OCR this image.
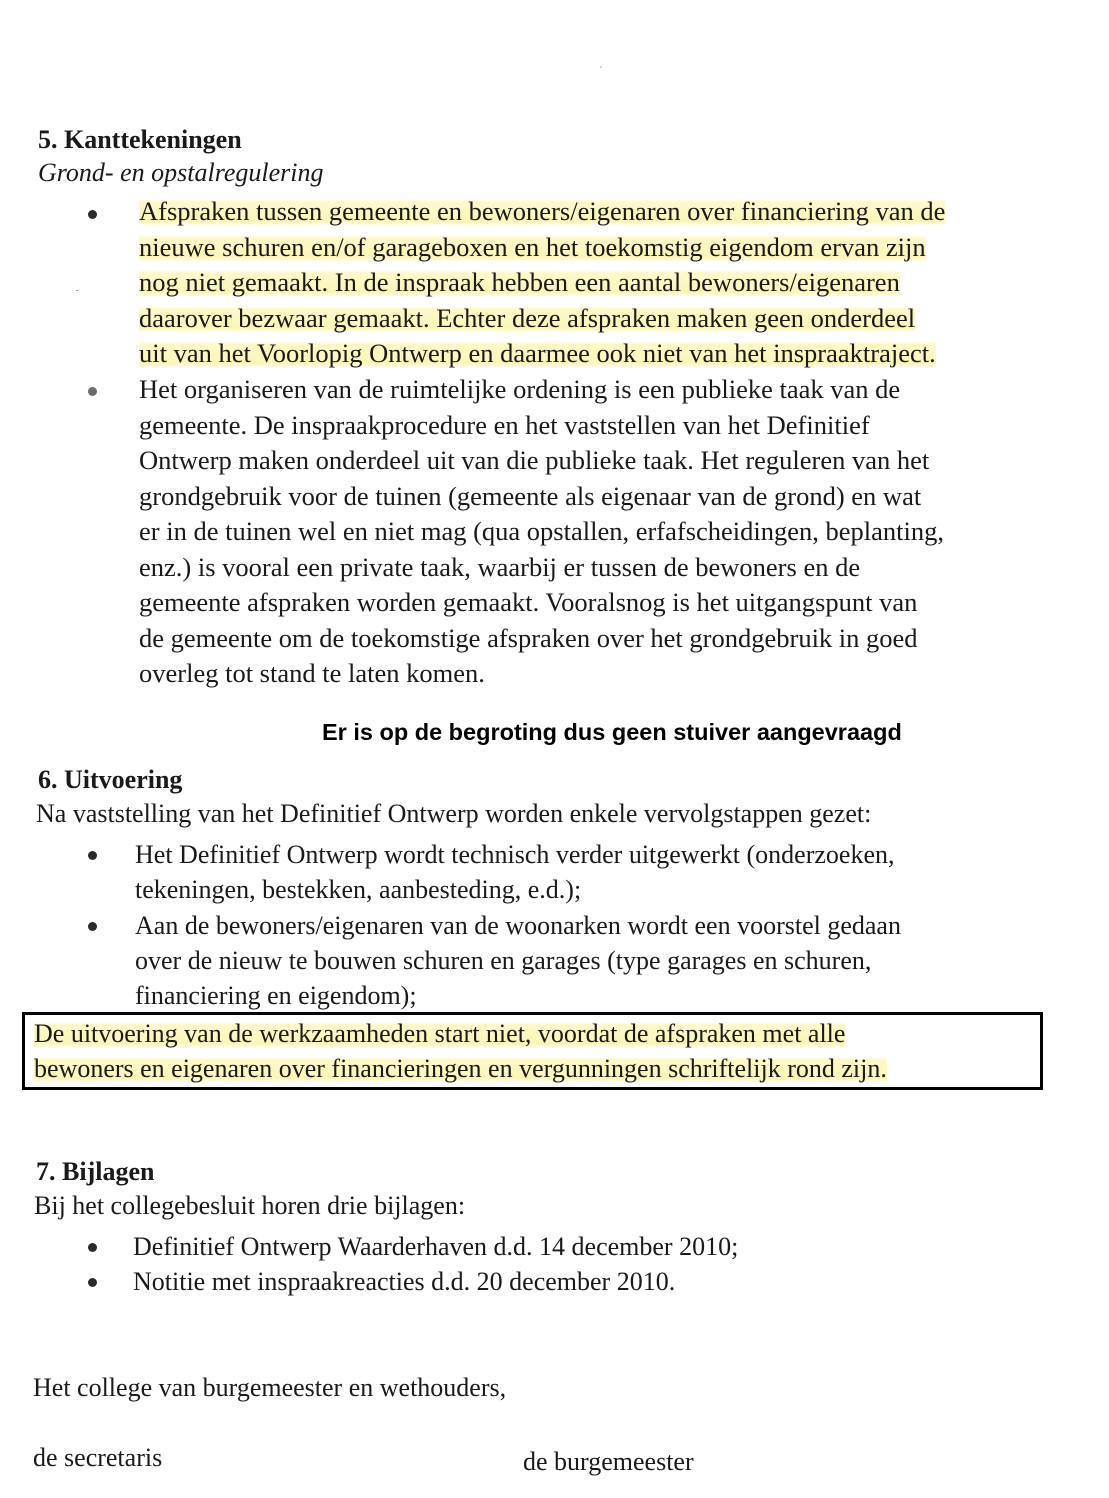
5. Kanttekeningen

Grond- en opstalregulering

Afspraken tussen gemeente en bewoners/eigenaren over financiering van de
nieuwe schuren en/of garageboxen en het toekomstig eigendom ervan zijn
nog niet gemaakt. In de inspraak hebben een aantal bewoners/eigenaren
daarover bezwaar gemaakt. Echter deze afspraken maken geen onderdeel
uit van het Voorlopig Ontwerp en daarmee ook niet van het inspraaktraject.
Het organiseren van de ruimtelijke ordening is een publieke taak van de
gemeente. De inspraakprocedure en het vaststellen van het Definitief
Ontwerp maken onderdeel uit van die publieke taak. Het reguleren van het
grondgebruik voor de tuinen (gemeente als eigenaar van de grond) en wat
er in de tuinen wel en niet mag (qua opstallen, erfafscheidingen, beplanting,
enz.) is vooral een private taak, waarbij er tussen de bewoners en de
gemeente afspraken worden gemaakt. Vooralsnog is het uitgangspunt van
de gemeente om de toekomstige afspraken over het grondgebruik in goed
overleg tot stand te laten komen.

Er is op de begroting dus geen stuiver aangevraagd

6. Uitvoering

Na vaststelling van het Definitief Ontwerp worden enkele vervolgstappen gezet:

Het Definitief Ontwerp wordt technisch verder uitgewerkt (onderzoeken,
tekeningen, bestekken, aanbesteding, e.d.);
Aan de bewoners/eigenaren van de woonarken wordt een voorstel gedaan
over de nieuw te bouwen schuren en garages (type garages en schuren,
financiering en eigendom);
De uitvoering van de werkzaamheden start niet, voordat de afspraken met alle
bewoners en eigenaren over financieringen en vergunningen schriftelijk rond zijn.
7. Bijlagen

Bij het collegebesluit horen drie bijlagen:

Definitief Ontwerp Waarderhaven d.d. 14 december 2010;

Notitie met inspraakreacties d.d. 20 december 2010.

Het college van burgemeester en wethouders,

de secretaris	de burgemeester
